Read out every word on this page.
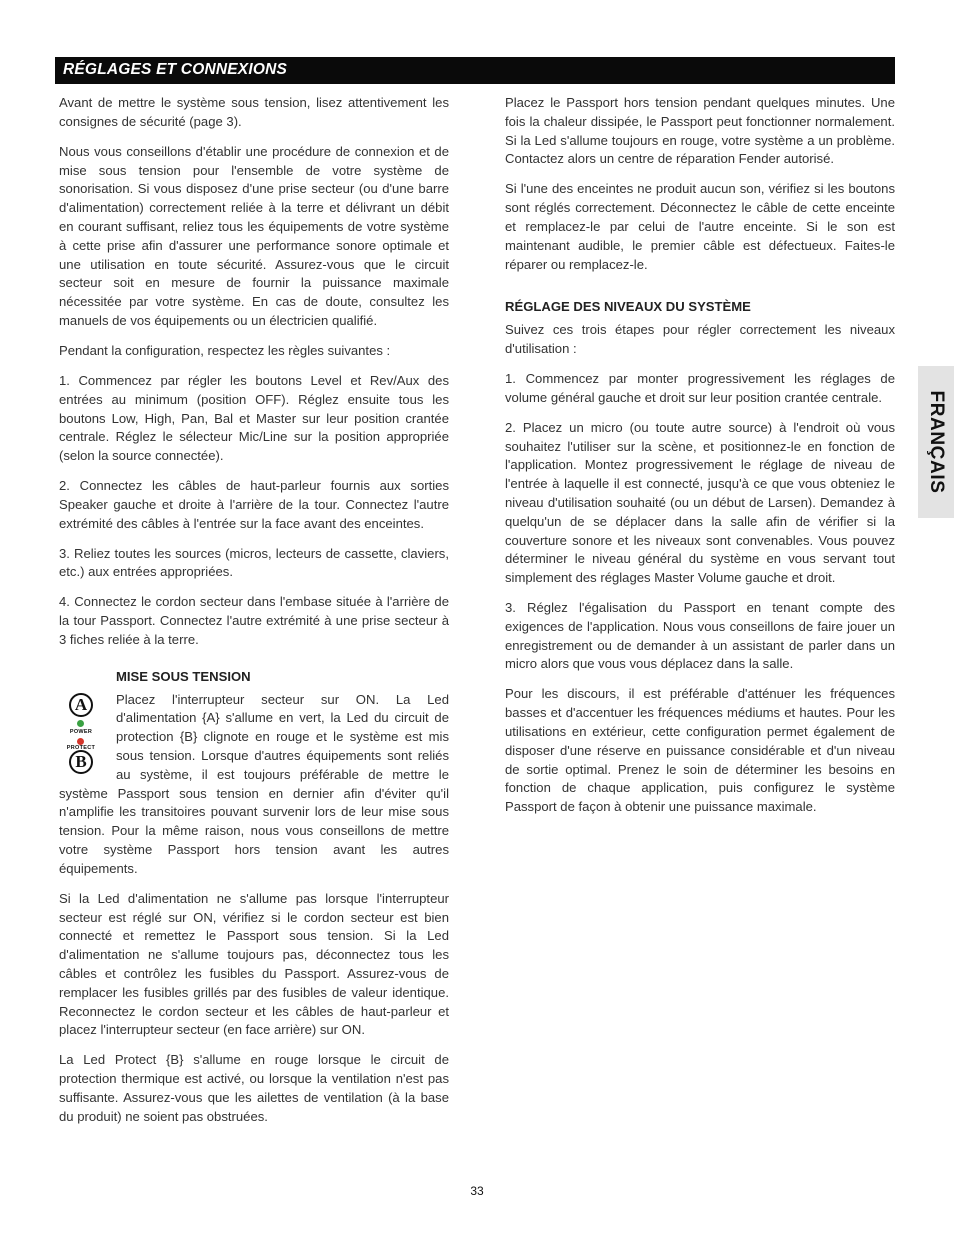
RÉGLAGES ET CONNEXIONS

Avant de mettre le système sous tension, lisez attentivement les consignes de sécurité (page 3).

Nous vous conseillons d'établir une procédure de connexion et de mise sous tension pour l'ensemble de votre système de sonorisation. Si vous disposez d'une prise secteur (ou d'une barre d'alimentation) correctement reliée à la terre et délivrant un débit en courant suffisant, reliez tous les équipements de votre système à cette prise afin d'assurer une performance sonore optimale et une utilisation en toute sécurité. Assurez-vous que le circuit secteur soit en mesure de fournir la puissance maximale nécessitée par votre système. En cas de doute, consultez les manuels de vos équipements ou un électricien qualifié.

Pendant la configuration, respectez les règles suivantes :

1. Commencez par régler les boutons Level et Rev/Aux des entrées au minimum (position OFF). Réglez ensuite tous les boutons Low, High, Pan, Bal et Master sur leur position crantée centrale. Réglez le sélecteur Mic/Line sur la position appropriée (selon la source connectée).

2. Connectez les câbles de haut-parleur fournis aux sorties Speaker gauche et droite à l'arrière de la tour. Connectez l'autre extrémité des câbles à l'entrée sur la face avant des enceintes.

3. Reliez toutes les sources (micros, lecteurs de cassette, claviers, etc.) aux entrées appropriées.

4. Connectez le cordon secteur dans l'embase située à l'arrière de la tour Passport. Connectez l'autre extrémité à une prise secteur à 3 fiches reliée à la terre.

MISE SOUS TENSION
A
POWER
PROTECT
B

Placez l'interrupteur secteur sur ON. La Led d'alimentation {A} s'allume en vert, la Led du circuit de protection {B} clignote en rouge et le système est mis sous tension. Lorsque d'autres équipements sont reliés au système, il est toujours préférable de mettre le système Passport sous tension en dernier afin d'éviter qu'il n'amplifie les transitoires pouvant survenir lors de leur mise sous tension. Pour la même raison, nous vous conseillons de mettre votre système Passport hors tension avant les autres équipements.

Si la Led d'alimentation ne s'allume pas lorsque l'interrupteur secteur est réglé sur ON, vérifiez si le cordon secteur est bien connecté et remettez le Passport sous tension. Si la Led d'alimentation ne s'allume toujours pas, déconnectez tous les câbles et contrôlez les fusibles du Passport. Assurez-vous de remplacer les fusibles grillés par des fusibles de valeur identique. Reconnectez le cordon secteur et les câbles de haut-parleur et placez l'interrupteur secteur (en face arrière) sur ON.

La Led Protect {B} s'allume en rouge lorsque le circuit de protection thermique est activé, ou lorsque la ventilation n'est pas suffisante. Assurez-vous que les ailettes de ventilation (à la base du produit) ne soient pas obstruées.

Placez le Passport hors tension pendant quelques minutes. Une fois la chaleur dissipée, le Passport peut fonctionner normalement. Si la Led s'allume toujours en rouge, votre système a un problème. Contactez alors un centre de réparation Fender autorisé.

Si l'une des enceintes ne produit aucun son, vérifiez si les boutons sont réglés correctement. Déconnectez le câble de cette enceinte et remplacez-le par celui de l'autre enceinte. Si le son est maintenant audible, le premier câble est défectueux. Faites-le réparer ou remplacez-le.

RÉGLAGE DES NIVEAUX DU SYSTÈME

Suivez ces trois étapes pour régler correctement les niveaux d'utilisation :

1. Commencez par monter progressivement les réglages de volume général gauche et droit sur leur position crantée centrale.

2. Placez un micro (ou toute autre source) à l'endroit où vous souhaitez l'utiliser sur la scène, et positionnez-le en fonction de l'application. Montez progressivement le réglage de niveau de l'entrée à laquelle il est connecté, jusqu'à ce que vous obteniez le niveau d'utilisation souhaité (ou un début de Larsen). Demandez à quelqu'un de se déplacer dans la salle afin de vérifier si la couverture sonore et les niveaux sont convenables. Vous pouvez déterminer le niveau général du système en vous servant tout simplement des réglages Master Volume gauche et droit.

3. Réglez l'égalisation du Passport en tenant compte des exigences de l'application. Nous vous conseillons de faire jouer un enregistrement ou de demander à un assistant de parler dans un micro alors que vous vous déplacez dans la salle.

Pour les discours, il est préférable d'atténuer les fréquences basses et d'accentuer les fréquences médiums et hautes. Pour les utilisations en extérieur, cette configuration permet également de disposer d'une réserve en puissance considérable et d'un niveau de sortie optimal. Prenez le soin de déterminer les besoins en fonction de chaque application, puis configurez le système Passport de façon à obtenir une puissance maximale.

FRANÇAIS
33
